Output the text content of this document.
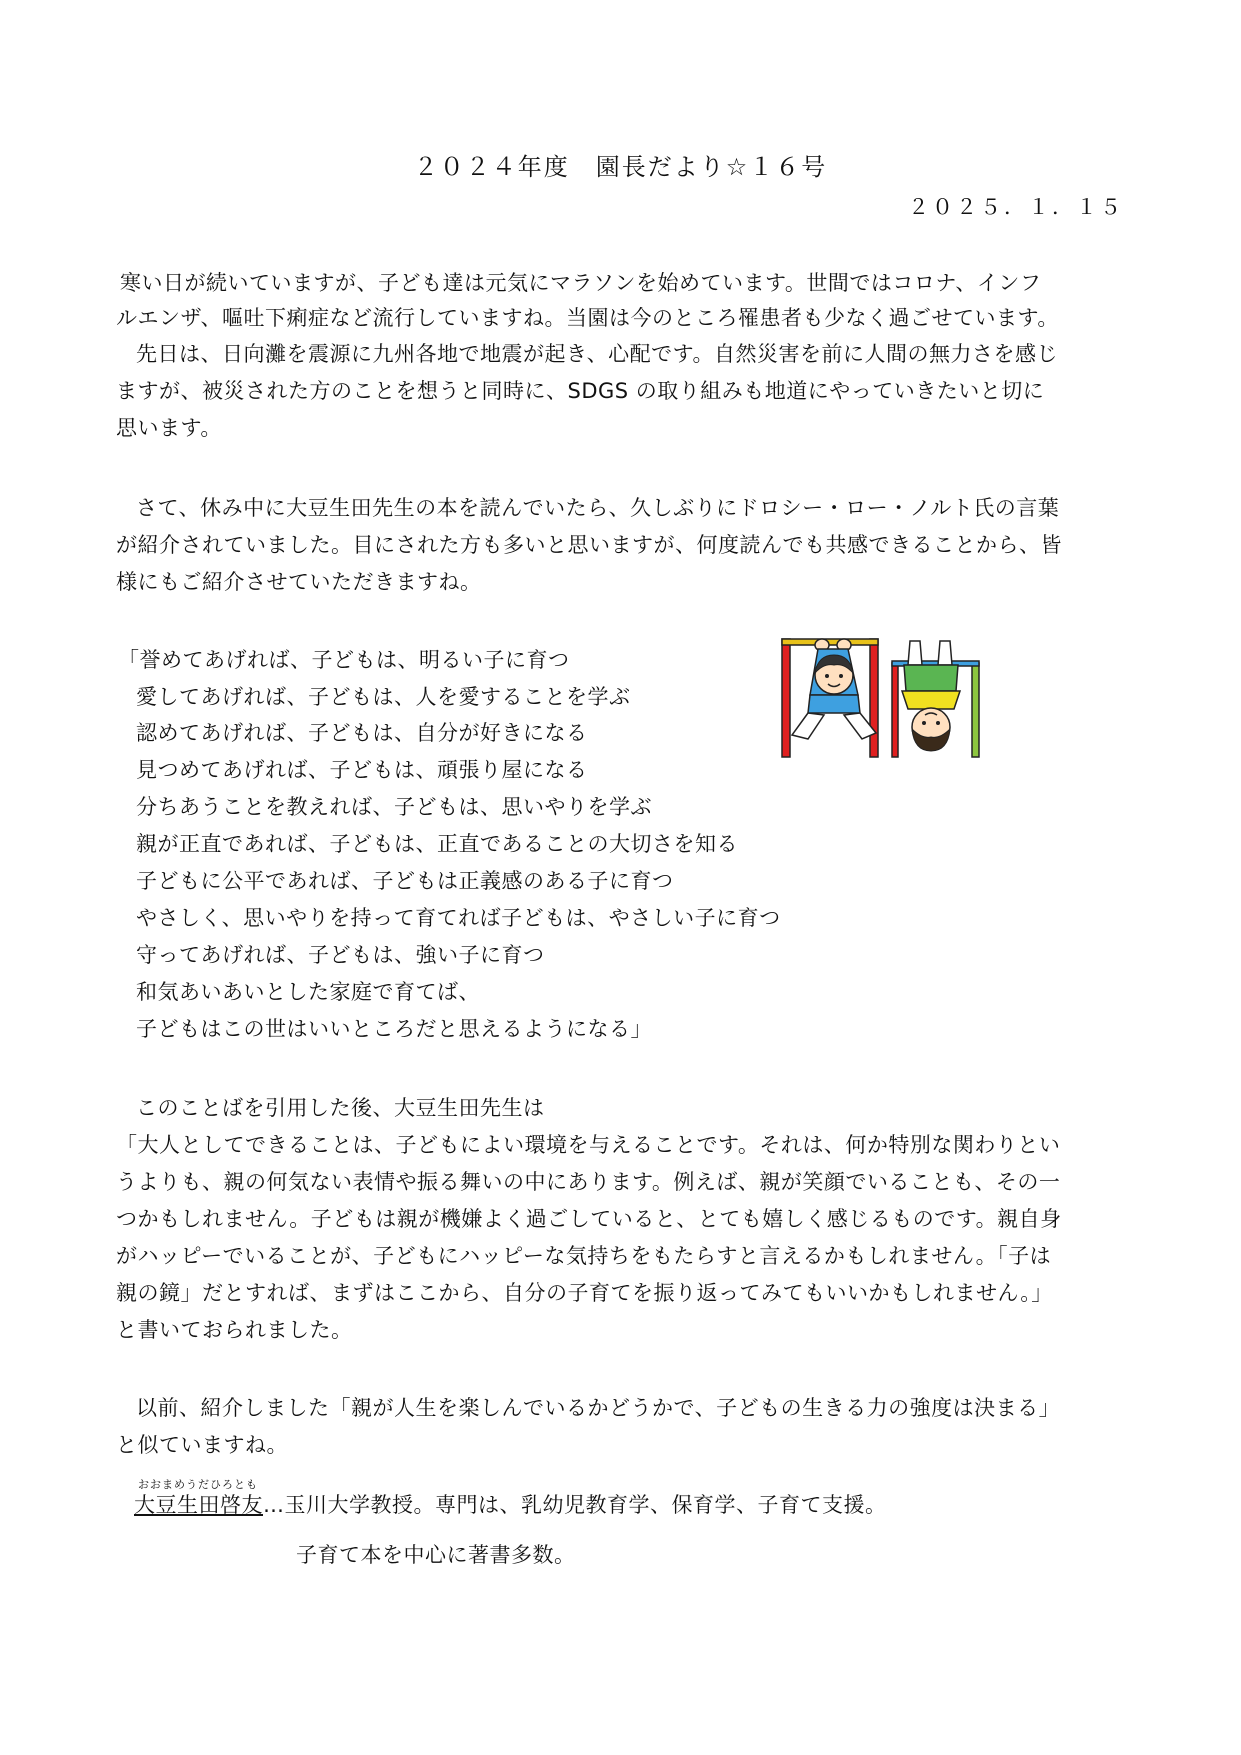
２０２４年度　園長だより☆１６号
２０２５．１．１５
寒い日が続いていますが、子ども達は元気にマラソンを始めています。世間ではコロナ、インフ
ルエンザ、嘔吐下痢症など流行していますね。当園は今のところ罹患者も少なく過ごせています。
先日は、日向灘を震源に九州各地で地震が起き、心配です。自然災害を前に人間の無力さを感じ
ますが、被災された方のことを想うと同時に、SDGS の取り組みも地道にやっていきたいと切に
思います。
さて、休み中に大豆生田先生の本を読んでいたら、久しぶりにドロシー・ロー・ノルト氏の言葉
が紹介されていました。目にされた方も多いと思いますが、何度読んでも共感できることから、皆
様にもご紹介させていただきますね。
「誉めてあげれば、子どもは、明るい子に育つ
愛してあげれば、子どもは、人を愛することを学ぶ
認めてあげれば、子どもは、自分が好きになる
見つめてあげれば、子どもは、頑張り屋になる
分ちあうことを教えれば、子どもは、思いやりを学ぶ
親が正直であれば、子どもは、正直であることの大切さを知る
子どもに公平であれば、子どもは正義感のある子に育つ
やさしく、思いやりを持って育てれば子どもは、やさしい子に育つ
守ってあげれば、子どもは、強い子に育つ
和気あいあいとした家庭で育てば、
子どもはこの世はいいところだと思えるようになる」
このことばを引用した後、大豆生田先生は
「大人としてできることは、子どもによい環境を与えることです。それは、何か特別な関わりとい
うよりも、親の何気ない表情や振る舞いの中にあります。例えば、親が笑顔でいることも、その一
つかもしれません。子どもは親が機嫌よく過ごしていると、とても嬉しく感じるものです。親自身
がハッピーでいることが、子どもにハッピーな気持ちをもたらすと言えるかもしれません。「子は
親の鏡」だとすれば、まずはここから、自分の子育てを振り返ってみてもいいかもしれません。」
と書いておられました。
以前、紹介しました「親が人生を楽しんでいるかどうかで、子どもの生きる力の強度は決まる」
と似ていますね。
おおまめうだひろとも
大豆生田啓友…玉川大学教授。専門は、乳幼児教育学、保育学、子育て支援。
子育て本を中心に著書多数。
